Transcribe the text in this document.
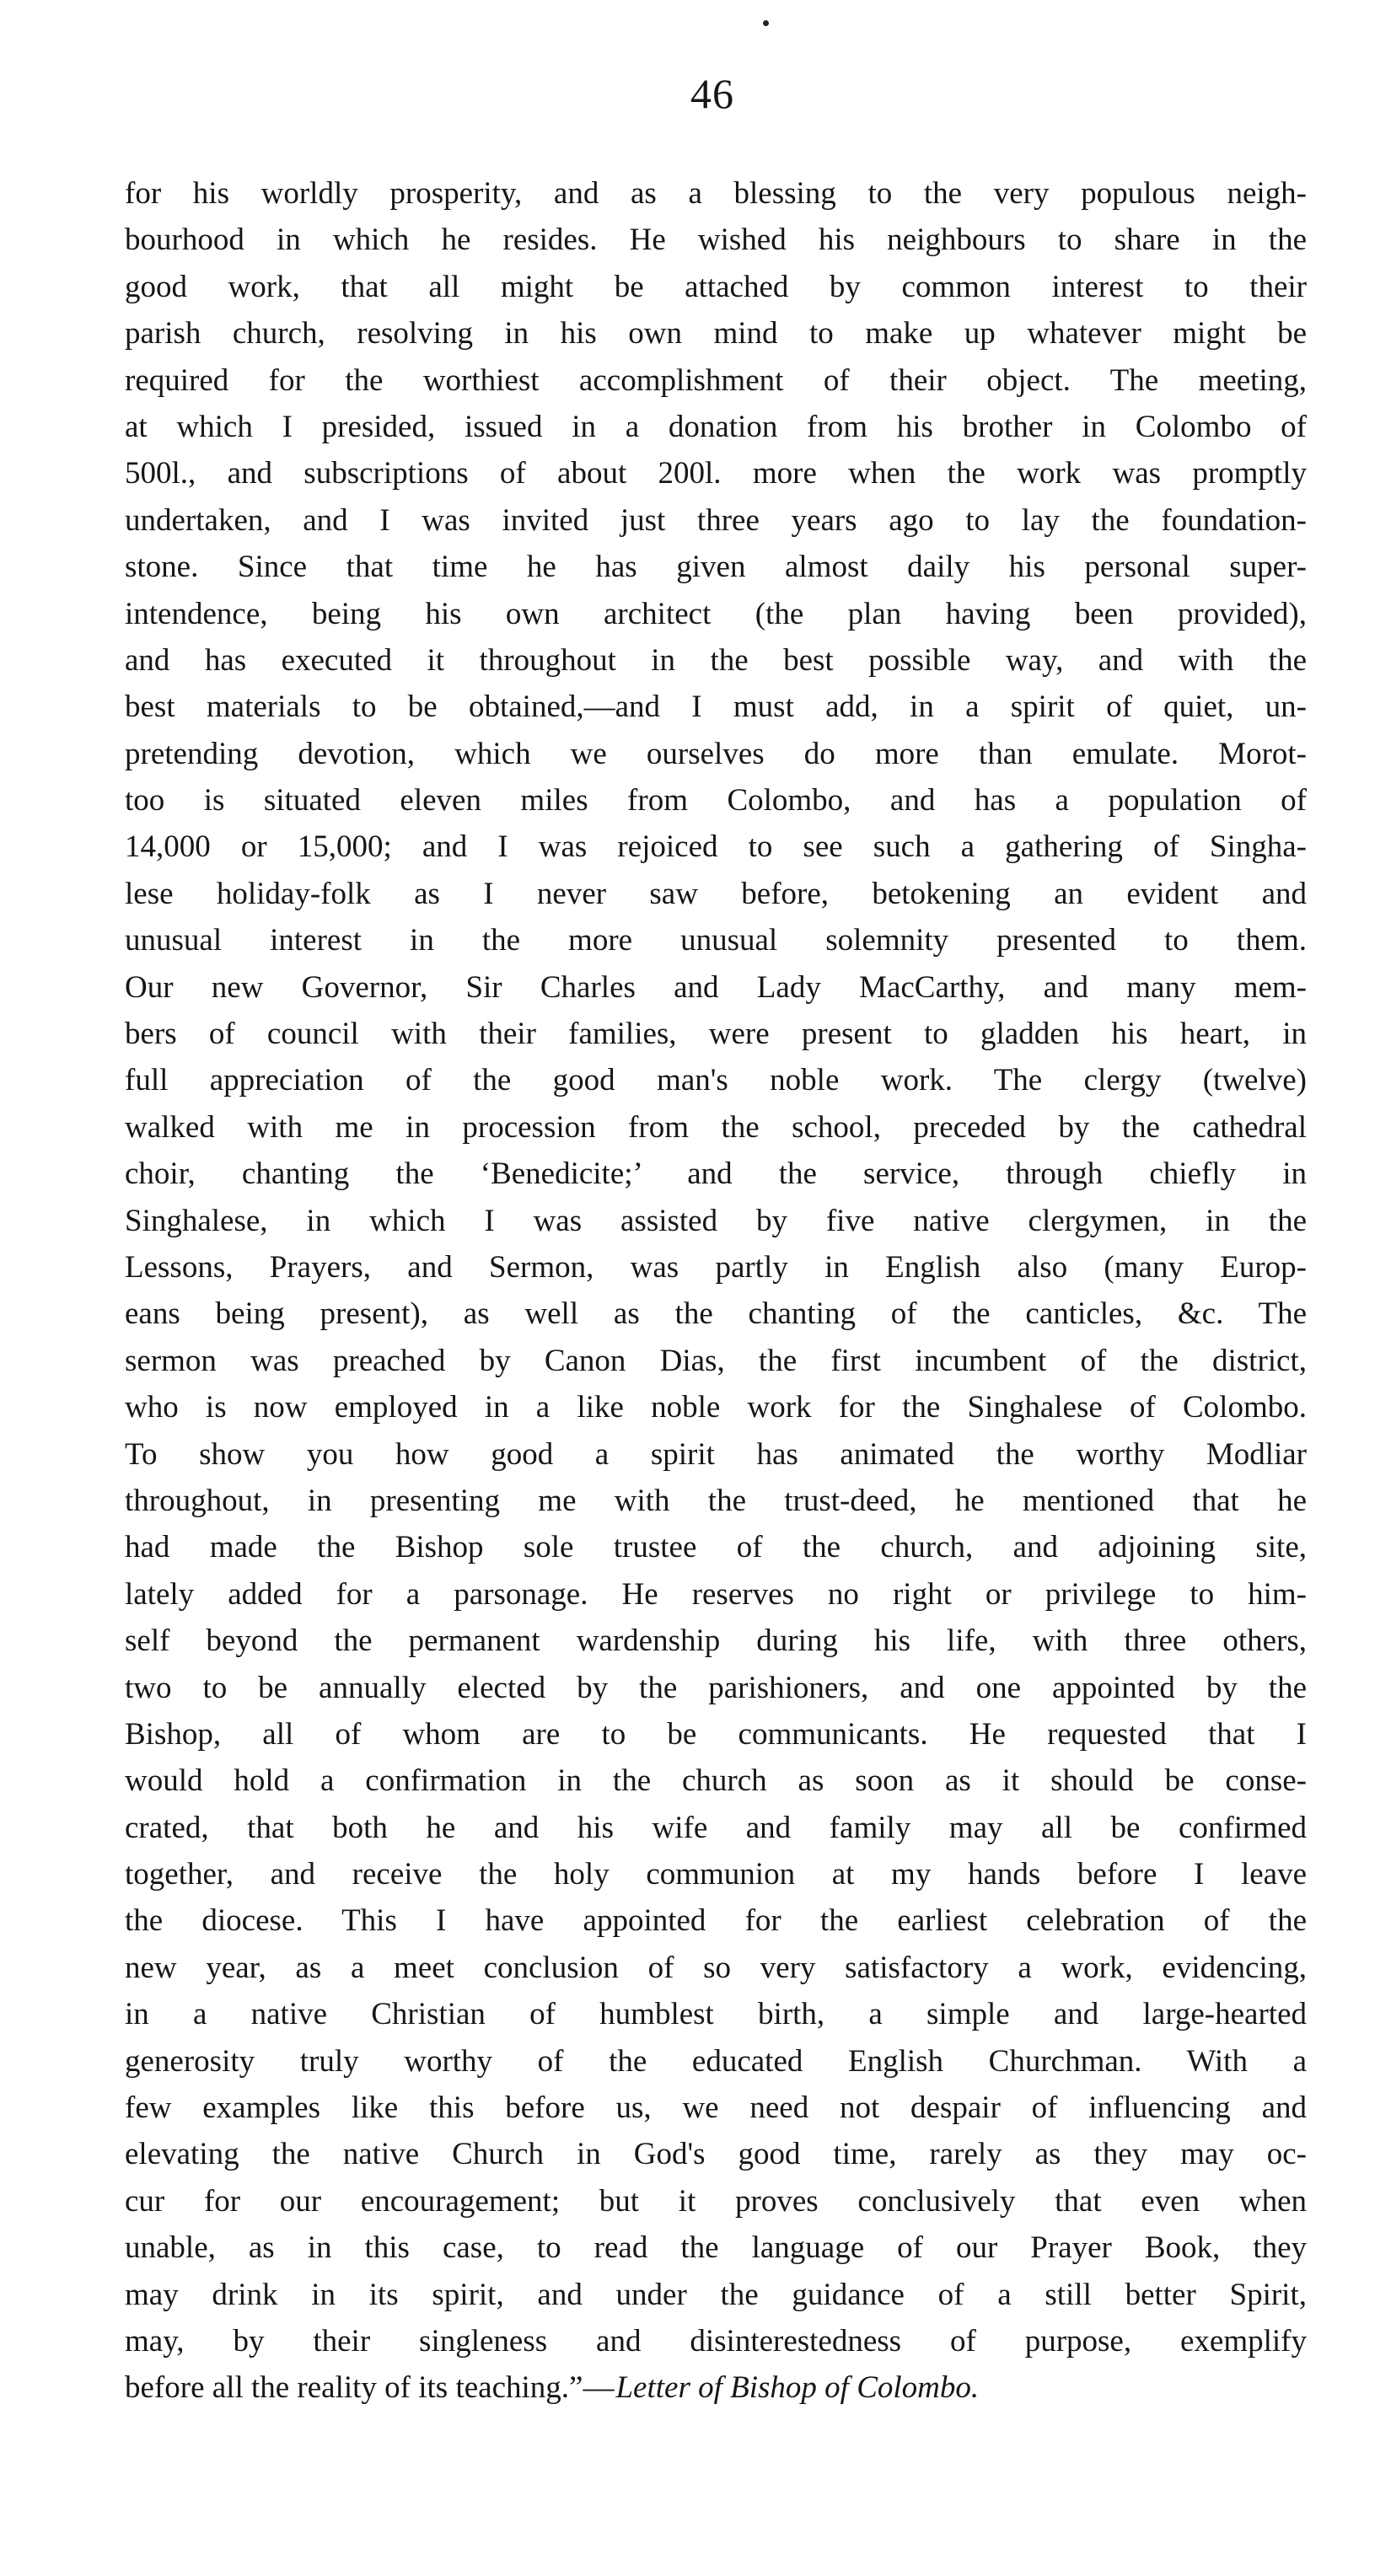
46
for his worldly prosperity, and as a blessing to the very populous neigh-
bourhood in which he resides. He wished his neighbours to share in the
good work, that all might be attached by common interest to their
parish church, resolving in his own mind to make up whatever might be
required for the worthiest accomplishment of their object. The meeting,
at which I presided, issued in a donation from his brother in Colombo of
500l., and subscriptions of about 200l. more when the work was promptly
undertaken, and I was invited just three years ago to lay the foundation-
stone. Since that time he has given almost daily his personal super-
intendence, being his own architect (the plan having been provided),
and has executed it throughout in the best possible way, and with the
best materials to be obtained,—and I must add, in a spirit of quiet, un-
pretending devotion, which we ourselves do more than emulate. Morot-
too is situated eleven miles from Colombo, and has a population of
14,000 or 15,000; and I was rejoiced to see such a gathering of Singha-
lese holiday-folk as I never saw before, betokening an evident and
unusual interest in the more unusual solemnity presented to them.
Our new Governor, Sir Charles and Lady MacCarthy, and many mem-
bers of council with their families, were present to gladden his heart, in
full appreciation of the good man's noble work. The clergy (twelve)
walked with me in procession from the school, preceded by the cathedral
choir, chanting the ‘Benedicite;’ and the service, through chiefly in
Singhalese, in which I was assisted by five native clergymen, in the
Lessons, Prayers, and Sermon, was partly in English also (many Europ-
eans being present), as well as the chanting of the canticles, &c. The
sermon was preached by Canon Dias, the first incumbent of the district,
who is now employed in a like noble work for the Singhalese of Colombo.
To show you how good a spirit has animated the worthy Modliar
throughout, in presenting me with the trust-deed, he mentioned that he
had made the Bishop sole trustee of the church, and adjoining site,
lately added for a parsonage. He reserves no right or privilege to him-
self beyond the permanent wardenship during his life, with three others,
two to be annually elected by the parishioners, and one appointed by the
Bishop, all of whom are to be communicants. He requested that I
would hold a confirmation in the church as soon as it should be conse-
crated, that both he and his wife and family may all be confirmed
together, and receive the holy communion at my hands before I leave
the diocese. This I have appointed for the earliest celebration of the
new year, as a meet conclusion of so very satisfactory a work, evidencing,
in a native Christian of humblest birth, a simple and large-hearted
generosity truly worthy of the educated English Churchman. With a
few examples like this before us, we need not despair of influencing and
elevating the native Church in God's good time, rarely as they may oc-
cur for our encouragement; but it proves conclusively that even when
unable, as in this case, to read the language of our Prayer Book, they
may drink in its spirit, and under the guidance of a still better Spirit,
may, by their singleness and disinterestedness of purpose, exemplify
before all the reality of its teaching.”—Letter of Bishop of Colombo.
